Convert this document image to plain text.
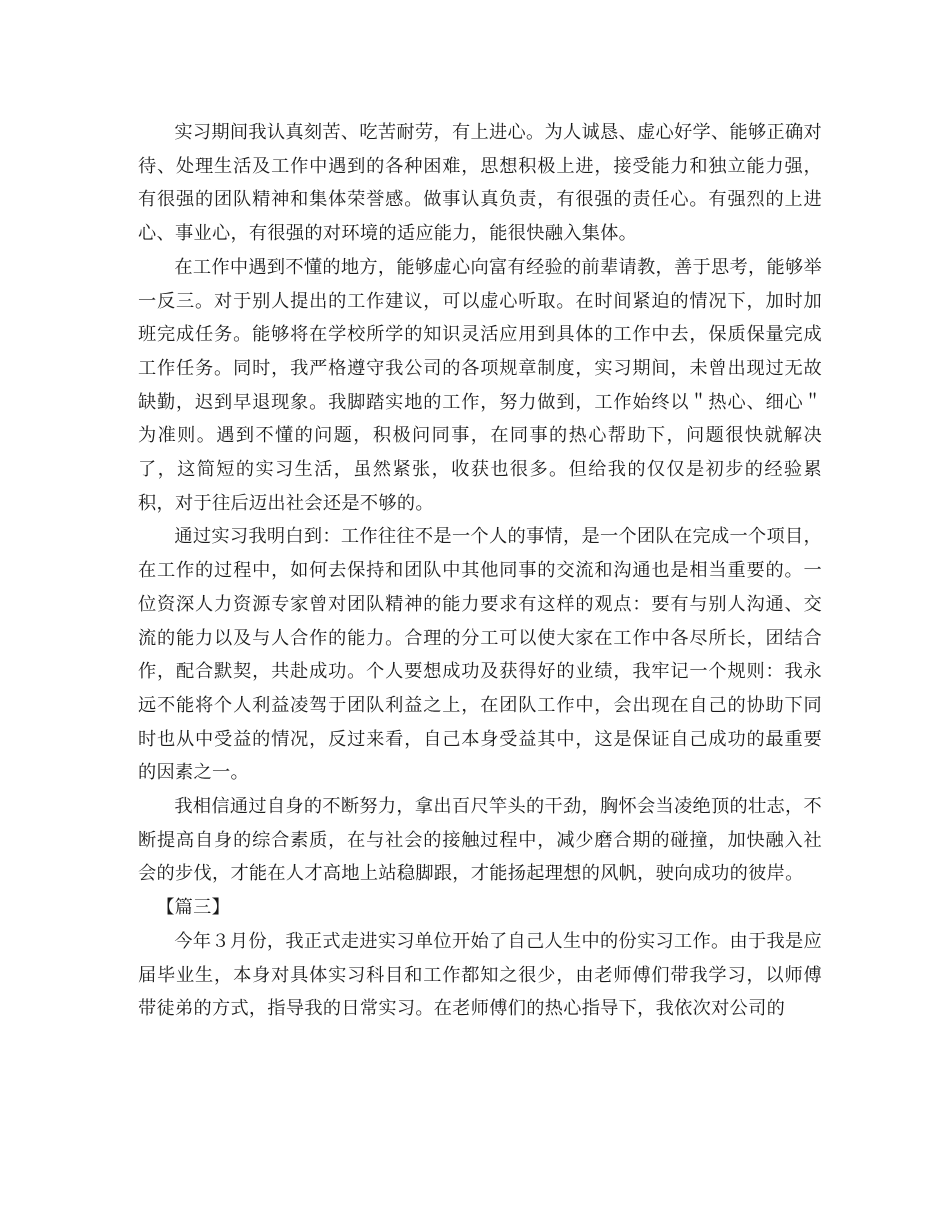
实习期间我认真刻苦、吃苦耐劳，有上进心。为人诚恳、虚心好学、能够正确对待、处理生活及工作中遇到的各种困难，思想积极上进，接受能力和独立能力强，有很强的团队精神和集体荣誉感。做事认真负责，有很强的责任心。有强烈的上进心、事业心，有很强的对环境的适应能力，能很快融入集体。

在工作中遇到不懂的地方，能够虚心向富有经验的前辈请教，善于思考，能够举一反三。对于别人提出的工作建议，可以虚心听取。在时间紧迫的情况下，加时加班完成任务。能够将在学校所学的知识灵活应用到具体的工作中去，保质保量完成工作任务。同时，我严格遵守我公司的各项规章制度，实习期间，未曾出现过无故缺勤，迟到早退现象。我脚踏实地的工作，努力做到，工作始终以＂热心、细心＂为准则。遇到不懂的问题，积极问同事，在同事的热心帮助下，问题很快就解决了，这简短的实习生活，虽然紧张，收获也很多。但给我的仅仅是初步的经验累积，对于往后迈出社会还是不够的。

通过实习我明白到：工作往往不是一个人的事情，是一个团队在完成一个项目，在工作的过程中，如何去保持和团队中其他同事的交流和沟通也是相当重要的。一位资深人力资源专家曾对团队精神的能力要求有这样的观点：要有与别人沟通、交流的能力以及与人合作的能力。合理的分工可以使大家在工作中各尽所长，团结合作，配合默契，共赴成功。个人要想成功及获得好的业绩，我牢记一个规则：我永远不能将个人利益凌驾于团队利益之上，在团队工作中，会出现在自己的协助下同时也从中受益的情况，反过来看，自己本身受益其中，这是保证自己成功的最重要的因素之一。

我相信通过自身的不断努力，拿出百尺竿头的干劲，胸怀会当凌绝顶的壮志，不断提高自身的综合素质，在与社会的接触过程中，减少磨合期的碰撞，加快融入社会的步伐，才能在人才高地上站稳脚跟，才能扬起理想的风帆，驶向成功的彼岸。

【篇三】

今年３月份，我正式走进实习单位开始了自己人生中的份实习工作。由于我是应届毕业生，本身对具体实习科目和工作都知之很少，由老师傅们带我学习，以师傅带徒弟的方式，指导我的日常实习。在老师傅们的热心指导下，我依次对公司的
